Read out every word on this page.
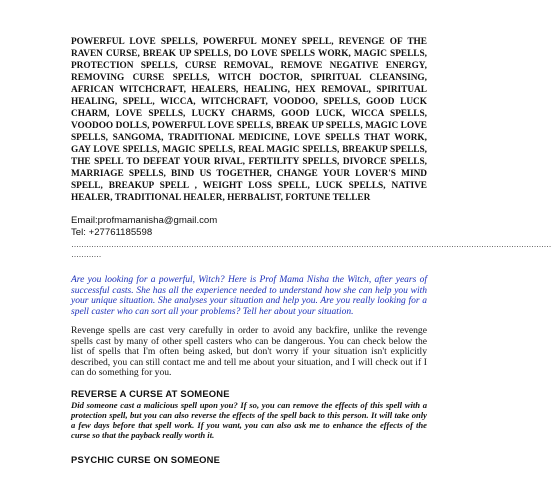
POWERFUL LOVE SPELLS, POWERFUL MONEY SPELL, REVENGE OF THE RAVEN CURSE, BREAK UP SPELLS, DO LOVE SPELLS WORK, MAGIC SPELLS, PROTECTION SPELLS, CURSE REMOVAL, REMOVE NEGATIVE ENERGY, REMOVING CURSE SPELLS, WITCH DOCTOR, SPIRITUAL CLEANSING, AFRICAN WITCHCRAFT, HEALERS, HEALING, HEX REMOVAL, SPIRITUAL HEALING, SPELL, WICCA, WITCHCRAFT, VOODOO, SPELLS, GOOD LUCK CHARM, LOVE SPELLS, LUCKY CHARMS, GOOD LUCK, WICCA SPELLS, VOODOO DOLLS, POWERFUL LOVE SPELLS, BREAK UP SPELLS, MAGIC LOVE SPELLS, SANGOMA, TRADITIONAL MEDICINE, LOVE SPELLS THAT WORK, GAY LOVE SPELLS, MAGIC SPELLS, REAL MAGIC SPELLS, BREAKUP SPELLS, THE SPELL TO DEFEAT YOUR RIVAL, FERTILITY SPELLS, DIVORCE SPELLS, MARRIAGE SPELLS, BIND US TOGETHER, CHANGE YOUR LOVER'S MIND SPELL, BREAKUP SPELL , WEIGHT LOSS SPELL, LUCK SPELLS, NATIVE HEALER, TRADITIONAL HEALER, HERBALIST, FORTUNE TELLER

Email:profmamanisha@gmail.com
Tel: +27761185598
…………………………………………………………………………………………………………………………………………………………………………
…………

Are you looking for a powerful, Witch? Here is Prof Mama Nisha the Witch, after years of successful casts. She has all the experience needed to understand how she can help you with your unique situation. She analyses your situation and help you. Are you really looking for a spell caster who can sort all your problems? Tell her about your situation.

Revenge spells are cast very carefully in order to avoid any backfire, unlike the revenge spells cast by many of other spell casters who can be dangerous. You can check below the list of spells that I'm often being asked, but don't worry if your situation isn't explicitly described, you can still contact me and tell me about your situation, and I will check out if I can do something for you.

REVERSE A CURSE AT SOMEONE

Did someone cast a malicious spell upon you? If so, you can remove the effects of this spell with a protection spell, but you can also reverse the effects of the spell back to this person. It will take only a few days before that spell work. If you want, you can also ask me to enhance the effects of the curse so that the payback really worth it.

PSYCHIC CURSE ON SOMEONE
